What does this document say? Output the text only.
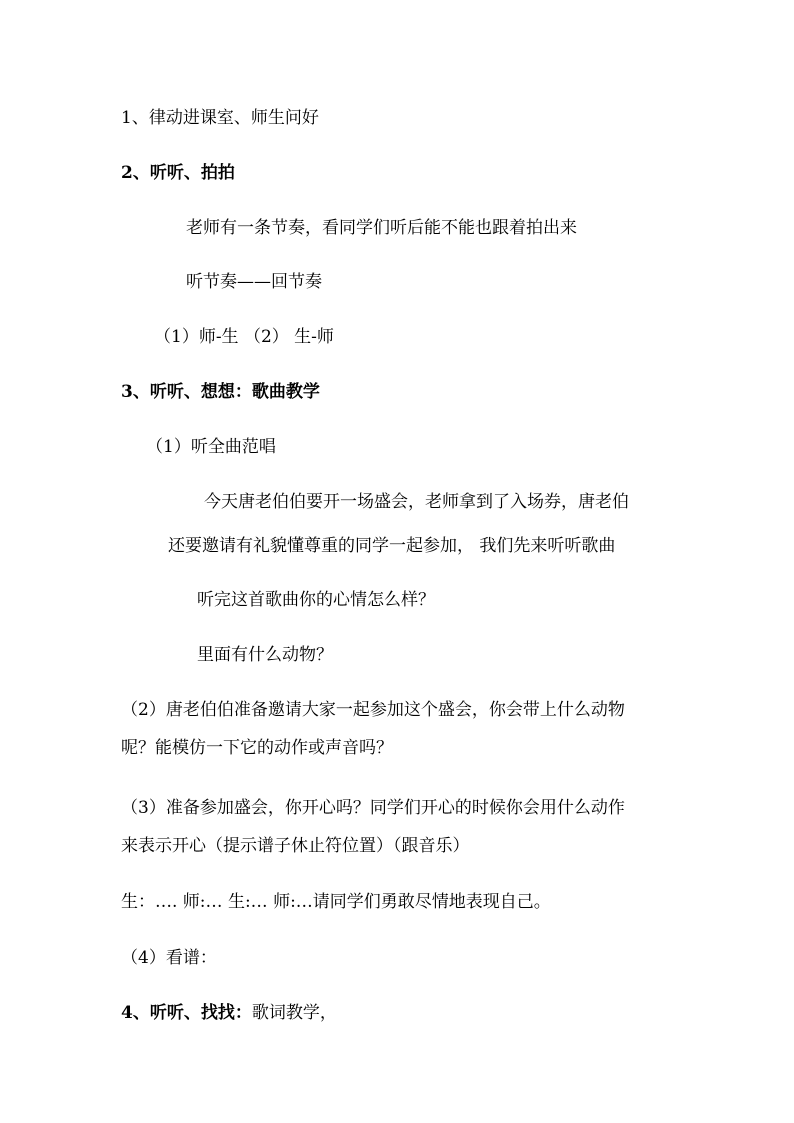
1、律动进课室、师生问好
2、听听、拍拍
老师有一条节奏，看同学们听后能不能也跟着拍出来
听节奏——回节奏
（1）师-生 （2） 生-师
3、听听、想想：歌曲教学
（1）听全曲范唱
今天唐老伯伯要开一场盛会，老师拿到了入场券，唐老伯
还要邀请有礼貌懂尊重的同学一起参加， 我们先来听听歌曲
听完这首歌曲你的心情怎么样？
里面有什么动物？
（2）唐老伯伯准备邀请大家一起参加这个盛会，你会带上什么动物
呢？能模仿一下它的动作或声音吗？
（3）准备参加盛会，你开心吗？同学们开心的时候你会用什么动作
来表示开心（提示谱子休止符位置）（跟音乐）
生：…. 师:… 生:… 师:…请同学们勇敢尽情地表现自己。
（4）看谱：
4、听听、找找：歌词教学，
